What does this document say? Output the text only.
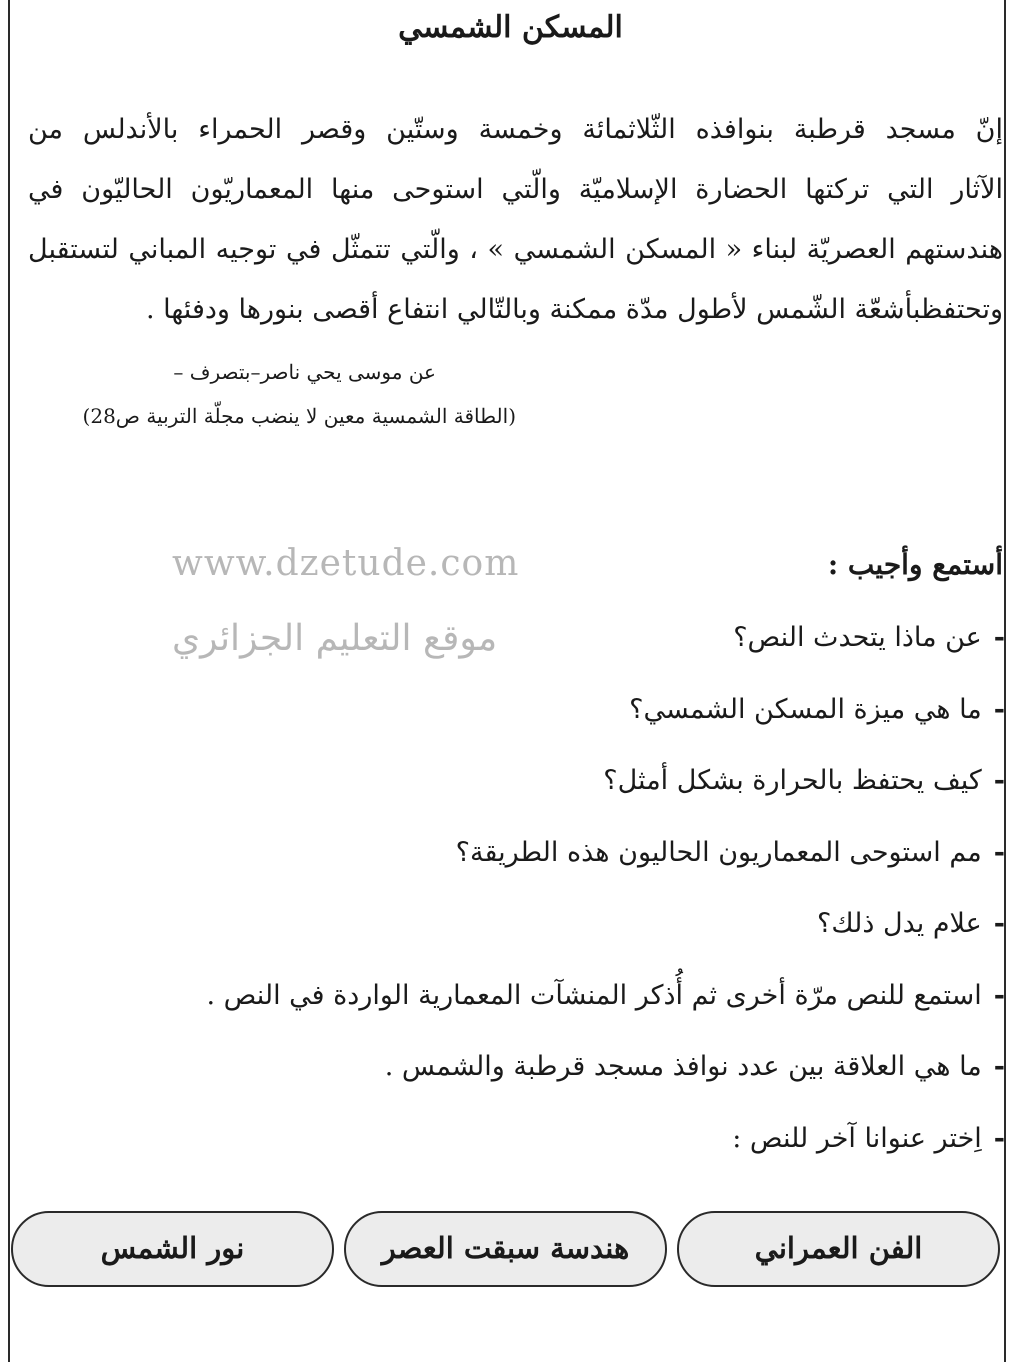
المسكن الشمسي
إنّ مسجد قرطبة بنوافذه الثّلاثمائة وخمسة وستّين وقصر الحمراء بالأندلس من
الآثار التي تركتها الحضارة الإسلاميّة والّتي استوحى منها المعماريّون الحاليّون في
هندستهم العصريّة لبناء « المسكن الشمسي » ، والّتي تتمثّل في توجيه المباني لتستقبل
وتحتفظبأشعّة الشّمس لأطول مدّة ممكنة وبالتّالي انتفاع أقصى بنورها ودفئها .
عن موسى يحي ناصر–بتصرف –
(الطاقة الشمسية معين لا ينضب مجلّة التربية ص28)
www.dzetude.com
موقع التعليم الجزائري
أستمع وأجيب :
-عن ماذا يتحدث النص؟
-ما هي ميزة المسكن الشمسي؟
-كيف يحتفظ بالحرارة بشكل أمثل؟
-مم استوحى المعماريون الحاليون هذه الطريقة؟
-علام يدل ذلك؟
-استمع للنص مرّة أخرى ثم أُذكر المنشآت المعمارية الواردة في النص .
-ما هي العلاقة بين عدد نوافذ مسجد قرطبة والشمس .
-اِختر عنوانا آخر للنص :
الفن العمراني
هندسة سبقت العصر
نور الشمس
